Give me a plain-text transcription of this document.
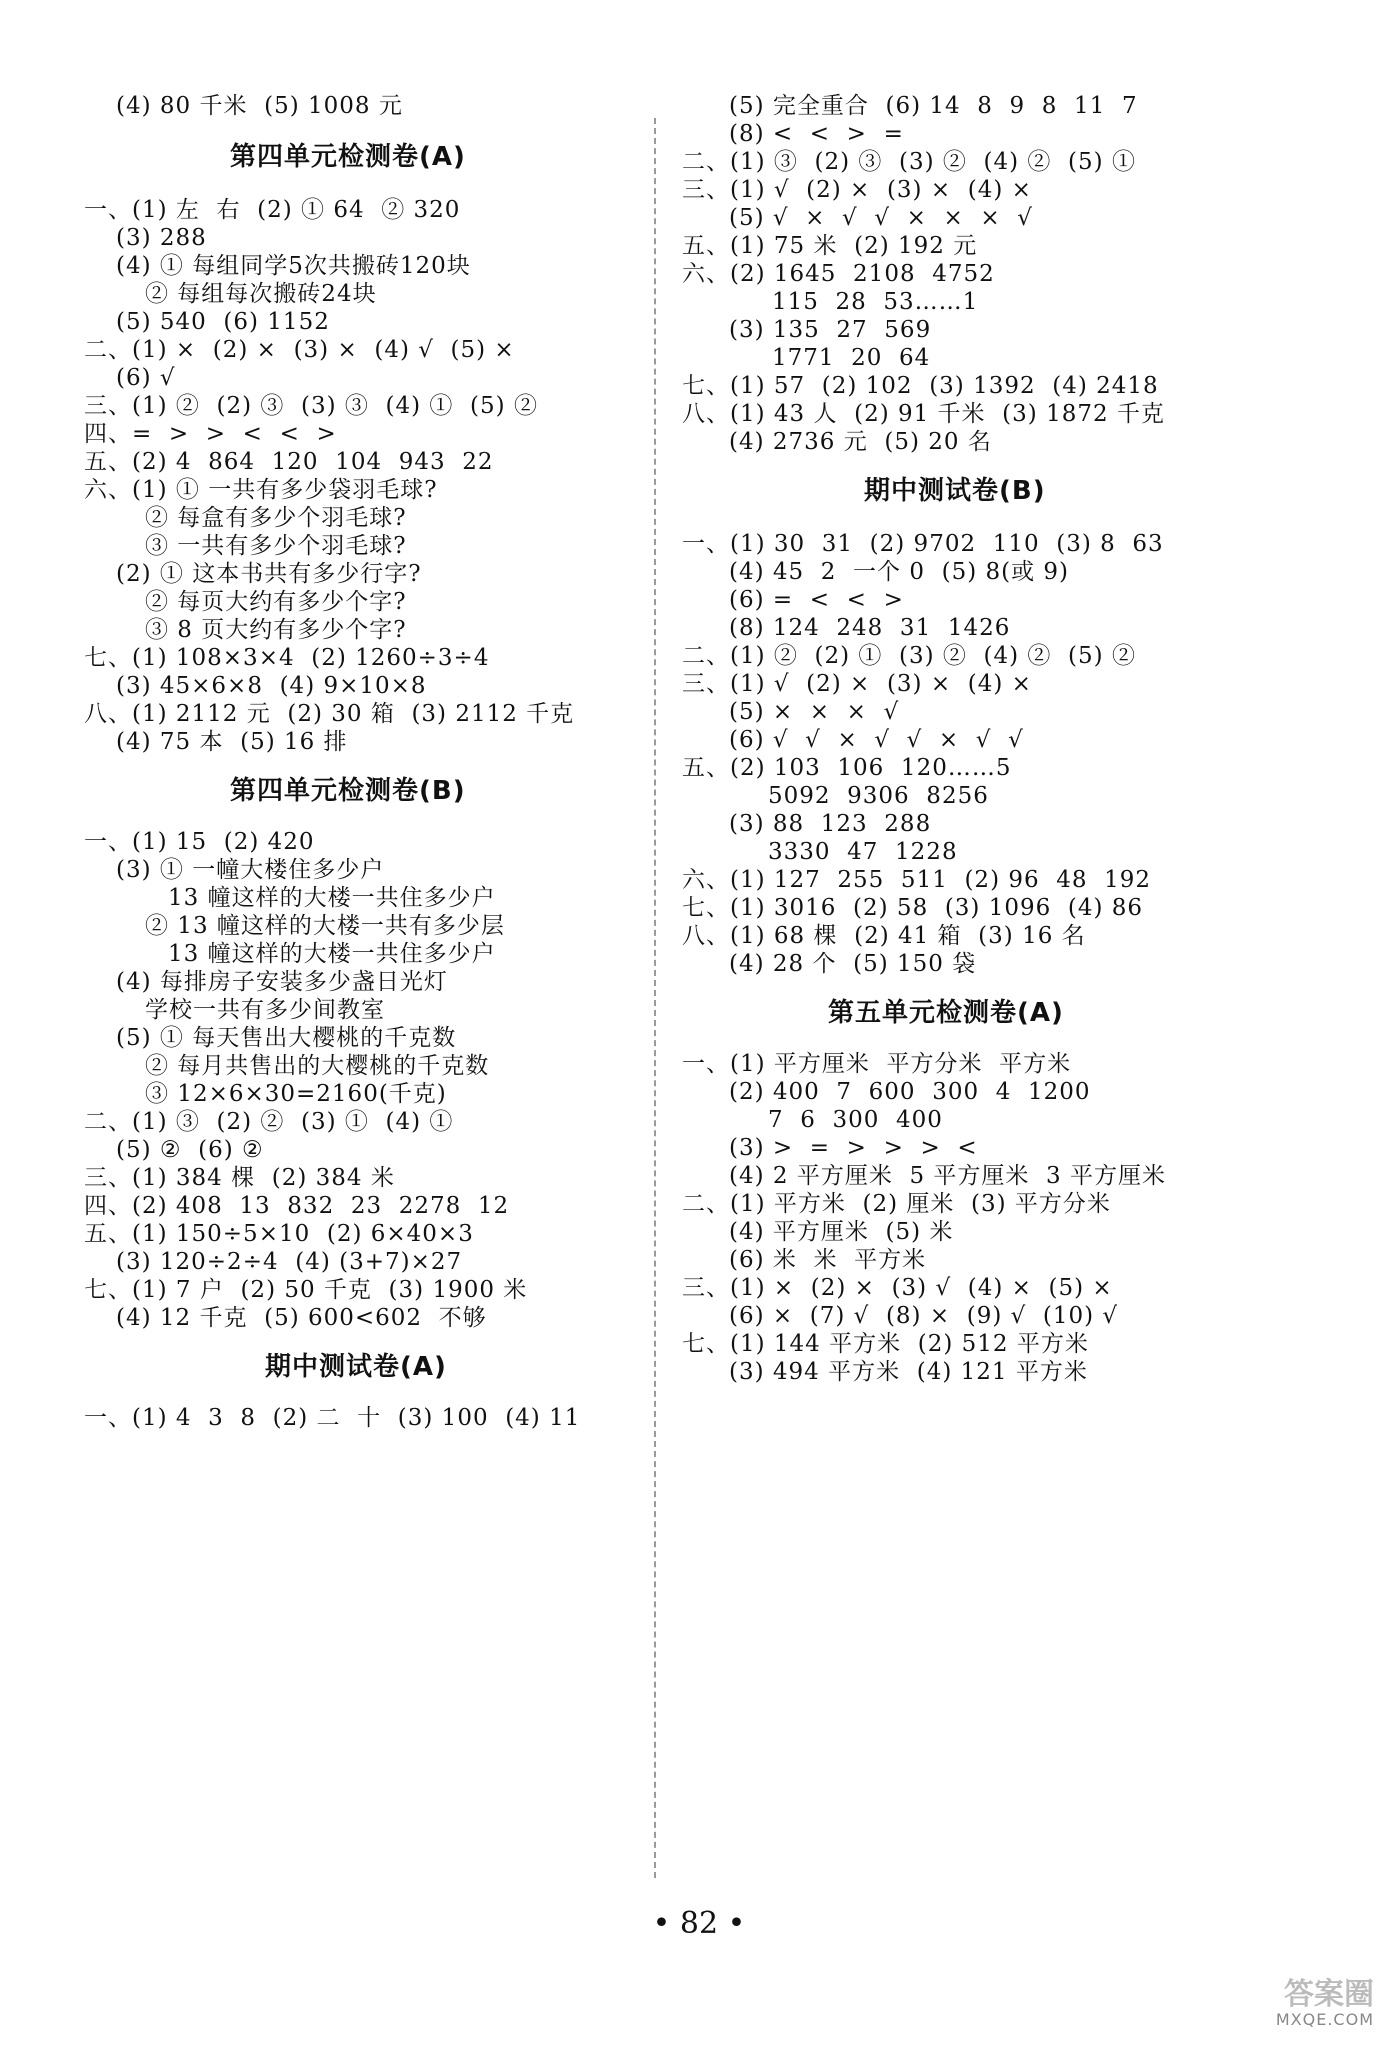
(4) 80 千米  (5) 1008 元
第四单元检测卷(A)
一、(1) 左  右  (2) ① 64  ② 320
(3) 288
(4) ① 每组同学5次共搬砖120块
② 每组每次搬砖24块
(5) 540  (6) 1152
二、(1) ×  (2) ×  (3) ×  (4) √  (5) ×
(6) √
三、(1) ②  (2) ③  (3) ③  (4) ①  (5) ②
四、=  >  >  <  <  >
五、(2) 4  864  120  104  943  22
六、(1) ① 一共有多少袋羽毛球?
② 每盒有多少个羽毛球?
③ 一共有多少个羽毛球?
(2) ① 这本书共有多少行字?
② 每页大约有多少个字?
③ 8 页大约有多少个字?
七、(1) 108×3×4  (2) 1260÷3÷4
(3) 45×6×8  (4) 9×10×8
八、(1) 2112 元  (2) 30 箱  (3) 2112 千克
(4) 75 本  (5) 16 排
第四单元检测卷(B)
一、(1) 15  (2) 420
(3) ① 一幢大楼住多少户
13 幢这样的大楼一共住多少户
② 13 幢这样的大楼一共有多少层
13 幢这样的大楼一共住多少户
(4) 每排房子安装多少盏日光灯
学校一共有多少间教室
(5) ① 每天售出大樱桃的千克数
② 每月共售出的大樱桃的千克数
③ 12×6×30=2160(千克)
二、(1) ③  (2) ②  (3) ①  (4) ①
(5) ②  (6) ②
三、(1) 384 棵  (2) 384 米
四、(2) 408  13  832  23  2278  12
五、(1) 150÷5×10  (2) 6×40×3
(3) 120÷2÷4  (4) (3+7)×27
七、(1) 7 户  (2) 50 千克  (3) 1900 米
(4) 12 千克  (5) 600<602  不够
期中测试卷(A)
一、(1) 4  3  8  (2) 二  十  (3) 100  (4) 11
(5) 完全重合  (6) 14  8  9  8  11  7
(8) <  <  >  =
二、(1) ③  (2) ③  (3) ②  (4) ②  (5) ①
三、(1) √  (2) ×  (3) ×  (4) ×
(5) √  ×  √  √  ×  ×  ×  √
五、(1) 75 米  (2) 192 元
六、(2) 1645  2108  4752
115  28  53……1
(3) 135  27  569
1771  20  64
七、(1) 57  (2) 102  (3) 1392  (4) 2418
八、(1) 43 人  (2) 91 千米  (3) 1872 千克
(4) 2736 元  (5) 20 名
期中测试卷(B)
一、(1) 30  31  (2) 9702  110  (3) 8  63
(4) 45  2  一个 0  (5) 8(或 9)
(6) =  <  <  >
(8) 124  248  31  1426
二、(1) ②  (2) ①  (3) ②  (4) ②  (5) ②
三、(1) √  (2) ×  (3) ×  (4) ×
(5) ×  ×  ×  √
(6) √  √  ×  √  √  ×  √  √
五、(2) 103  106  120……5
5092  9306  8256
(3) 88  123  288
3330  47  1228
六、(1) 127  255  511  (2) 96  48  192
七、(1) 3016  (2) 58  (3) 1096  (4) 86
八、(1) 68 棵  (2) 41 箱  (3) 16 名
(4) 28 个  (5) 150 袋
第五单元检测卷(A)
一、(1) 平方厘米  平方分米  平方米
(2) 400  7  600  300  4  1200
7  6  300  400
(3) >  =  >  >  >  <
(4) 2 平方厘米  5 平方厘米  3 平方厘米
二、(1) 平方米  (2) 厘米  (3) 平方分米
(4) 平方厘米  (5) 米
(6) 米  米  平方米
三、(1) ×  (2) ×  (3) √  (4) ×  (5) ×
(6) ×  (7) √  (8) ×  (9) √  (10) √
七、(1) 144 平方米  (2) 512 平方米
(3) 494 平方米  (4) 121 平方米
• 82 •
答案圈
MXQE.COM
